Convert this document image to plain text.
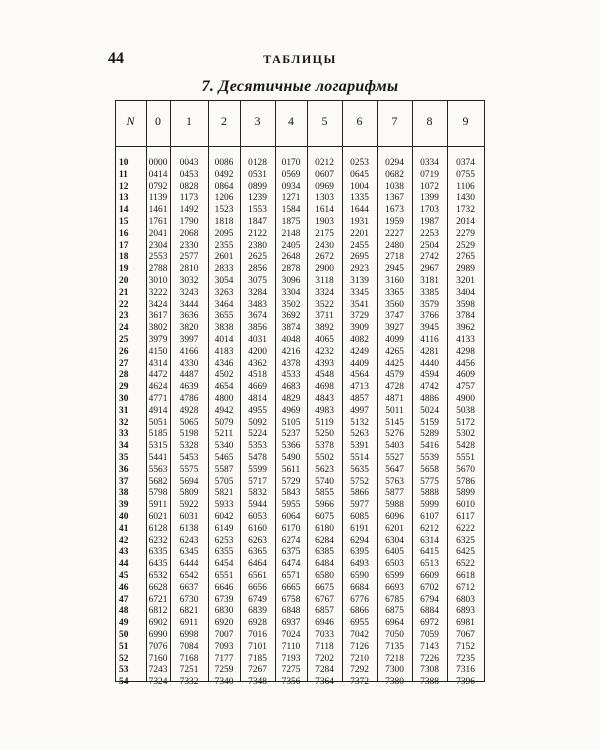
44	ТАБЛИЦЫ
7. Десятичные логарифмы
N	0	1	2	3	4	5	6	7	8	9
10	0000	0043	0086	0128	0170	0212	0253	0294	0334	0374
11	0414	0453	0492	0531	0569	0607	0645	0682	0719	0755
12	0792	0828	0864	0899	0934	0969	1004	1038	1072	1106
13	1139	1173	1206	1239	1271	1303	1335	1367	1399	1430
14	1461	1492	1523	1553	1584	1614	1644	1673	1703	1732
15	1761	1790	1818	1847	1875	1903	1931	1959	1987	2014
16	2041	2068	2095	2122	2148	2175	2201	2227	2253	2279
17	2304	2330	2355	2380	2405	2430	2455	2480	2504	2529
18	2553	2577	2601	2625	2648	2672	2695	2718	2742	2765
19	2788	2810	2833	2856	2878	2900	2923	2945	2967	2989
20	3010	3032	3054	3075	3096	3118	3139	3160	3181	3201
21	3222	3243	3263	3284	3304	3324	3345	3365	3385	3404
22	3424	3444	3464	3483	3502	3522	3541	3560	3579	3598
23	3617	3636	3655	3674	3692	3711	3729	3747	3766	3784
24	3802	3820	3838	3856	3874	3892	3909	3927	3945	3962
25	3979	3997	4014	4031	4048	4065	4082	4099	4116	4133
26	4150	4166	4183	4200	4216	4232	4249	4265	4281	4298
27	4314	4330	4346	4362	4378	4393	4409	4425	4440	4456
28	4472	4487	4502	4518	4533	4548	4564	4579	4594	4609
29	4624	4639	4654	4669	4683	4698	4713	4728	4742	4757
30	4771	4786	4800	4814	4829	4843	4857	4871	4886	4900
31	4914	4928	4942	4955	4969	4983	4997	5011	5024	5038
32	5051	5065	5079	5092	5105	5119	5132	5145	5159	5172
33	5185	5198	5211	5224	5237	5250	5263	5276	5289	5302
34	5315	5328	5340	5353	5366	5378	5391	5403	5416	5428
35	5441	5453	5465	5478	5490	5502	5514	5527	5539	5551
36	5563	5575	5587	5599	5611	5623	5635	5647	5658	5670
37	5682	5694	5705	5717	5729	5740	5752	5763	5775	5786
38	5798	5809	5821	5832	5843	5855	5866	5877	5888	5899
39	5911	5922	5933	5944	5955	5966	5977	5988	5999	6010
40	6021	6031	6042	6053	6064	6075	6085	6096	6107	6117
41	6128	6138	6149	6160	6170	6180	6191	6201	6212	6222
42	6232	6243	6253	6263	6274	6284	6294	6304	6314	6325
43	6335	6345	6355	6365	6375	6385	6395	6405	6415	6425
44	6435	6444	6454	6464	6474	6484	6493	6503	6513	6522
45	6532	6542	6551	6561	6571	6580	6590	6599	6609	6618
46	6628	6637	6646	6656	6665	6675	6684	6693	6702	6712
47	6721	6730	6739	6749	6758	6767	6776	6785	6794	6803
48	6812	6821	6830	6839	6848	6857	6866	6875	6884	6893
49	6902	6911	6920	6928	6937	6946	6955	6964	6972	6981
50	6990	6998	7007	7016	7024	7033	7042	7050	7059	7067
51	7076	7084	7093	7101	7110	7118	7126	7135	7143	7152
52	7160	7168	7177	7185	7193	7202	7210	7218	7226	7235
53	7243	7251	7259	7267	7275	7284	7292	7300	7308	7316
54	7324	7332	7340	7348	7356	7364	7372	7380	7388	7396
